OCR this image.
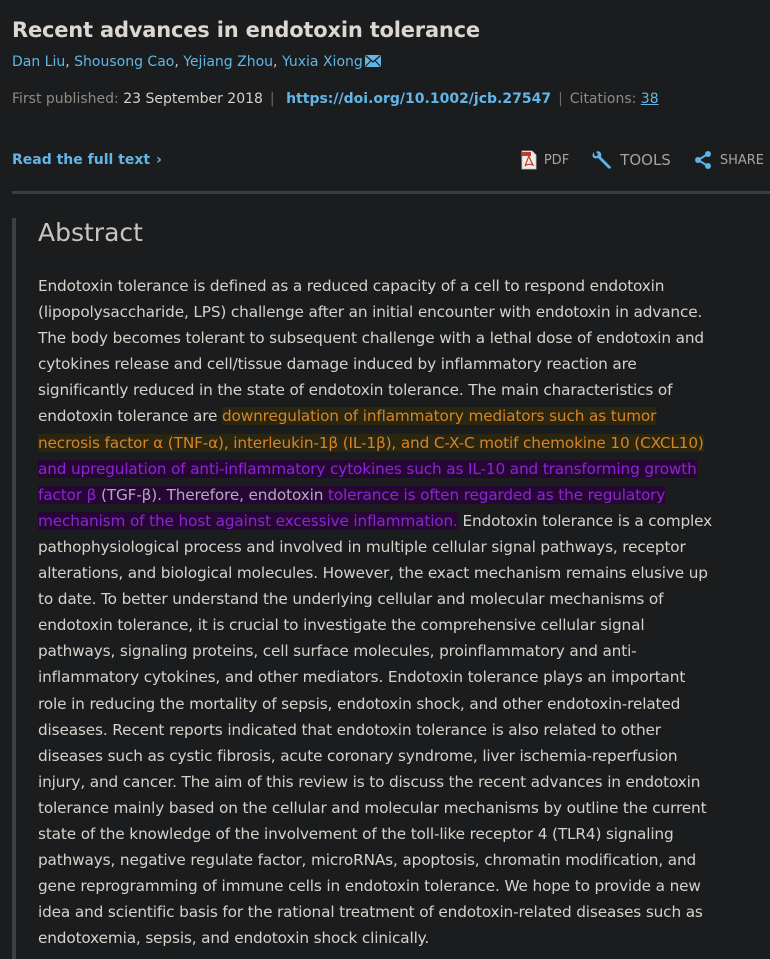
Recent advances in endotoxin tolerance
Dan Liu, Shousong Cao, Yejiang Zhou, Yuxia Xiong
First published: 23 September 2018 | https://doi.org/10.1002/jcb.27547 | Citations: 38
Read the full text ›	PDF	TOOLS	SHARE
Abstract
Endotoxin tolerance is defined as a reduced capacity of a cell to respond endotoxin
(lipopolysaccharide, LPS) challenge after an initial encounter with endotoxin in advance.
The body becomes tolerant to subsequent challenge with a lethal dose of endotoxin and
cytokines release and cell/tissue damage induced by inflammatory reaction are
significantly reduced in the state of endotoxin tolerance. The main characteristics of
endotoxin tolerance are downregulation of inflammatory mediators such as tumor
necrosis factor α (TNF-α), interleukin-1β (IL-1β), and C-X-C motif chemokine 10 (CXCL10)
and upregulation of anti-inflammatory cytokines such as IL-10 and transforming growth
factor β (TGF-β). Therefore, endotoxin tolerance is often regarded as the regulatory
mechanism of the host against excessive inflammation. Endotoxin tolerance is a complex
pathophysiological process and involved in multiple cellular signal pathways, receptor
alterations, and biological molecules. However, the exact mechanism remains elusive up
to date. To better understand the underlying cellular and molecular mechanisms of
endotoxin tolerance, it is crucial to investigate the comprehensive cellular signal
pathways, signaling proteins, cell surface molecules, proinflammatory and anti-
inflammatory cytokines, and other mediators. Endotoxin tolerance plays an important
role in reducing the mortality of sepsis, endotoxin shock, and other endotoxin-related
diseases. Recent reports indicated that endotoxin tolerance is also related to other
diseases such as cystic fibrosis, acute coronary syndrome, liver ischemia-reperfusion
injury, and cancer. The aim of this review is to discuss the recent advances in endotoxin
tolerance mainly based on the cellular and molecular mechanisms by outline the current
state of the knowledge of the involvement of the toll-like receptor 4 (TLR4) signaling
pathways, negative regulate factor, microRNAs, apoptosis, chromatin modification, and
gene reprogramming of immune cells in endotoxin tolerance. We hope to provide a new
idea and scientific basis for the rational treatment of endotoxin-related diseases such as
endotoxemia, sepsis, and endotoxin shock clinically.
